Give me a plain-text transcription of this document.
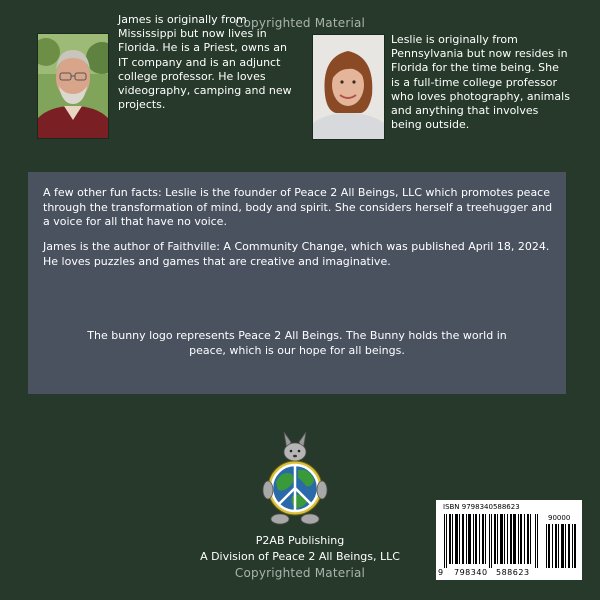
Copyrighted Material
James is originally from Mississippi but now lives in Florida. He is a Priest, owns an IT company and is an adjunct college professor. He loves videography, camping and new projects.
Leslie is originally from Pennsylvania but now resides in Florida for the time being. She is a full-time college professor who loves photography, animals and anything that involves being outside.
A few other fun facts: Leslie is the founder of Peace 2 All Beings, LLC which promotes peace through the transformation of mind, body and spirit. She considers herself a treehugger and a voice for all that have no voice.
James is the author of Faithville: A Community Change, which was published April 18, 2024. He loves puzzles and games that are creative and imaginative.
The bunny logo represents Peace 2 All Beings. The Bunny holds the world in peace, which is our hope for all beings.
P2AB Publishing
A Division of Peace 2 All Beings, LLC
ISBN 9798340588623
90000
9 798340 588623
Copyrighted Material
